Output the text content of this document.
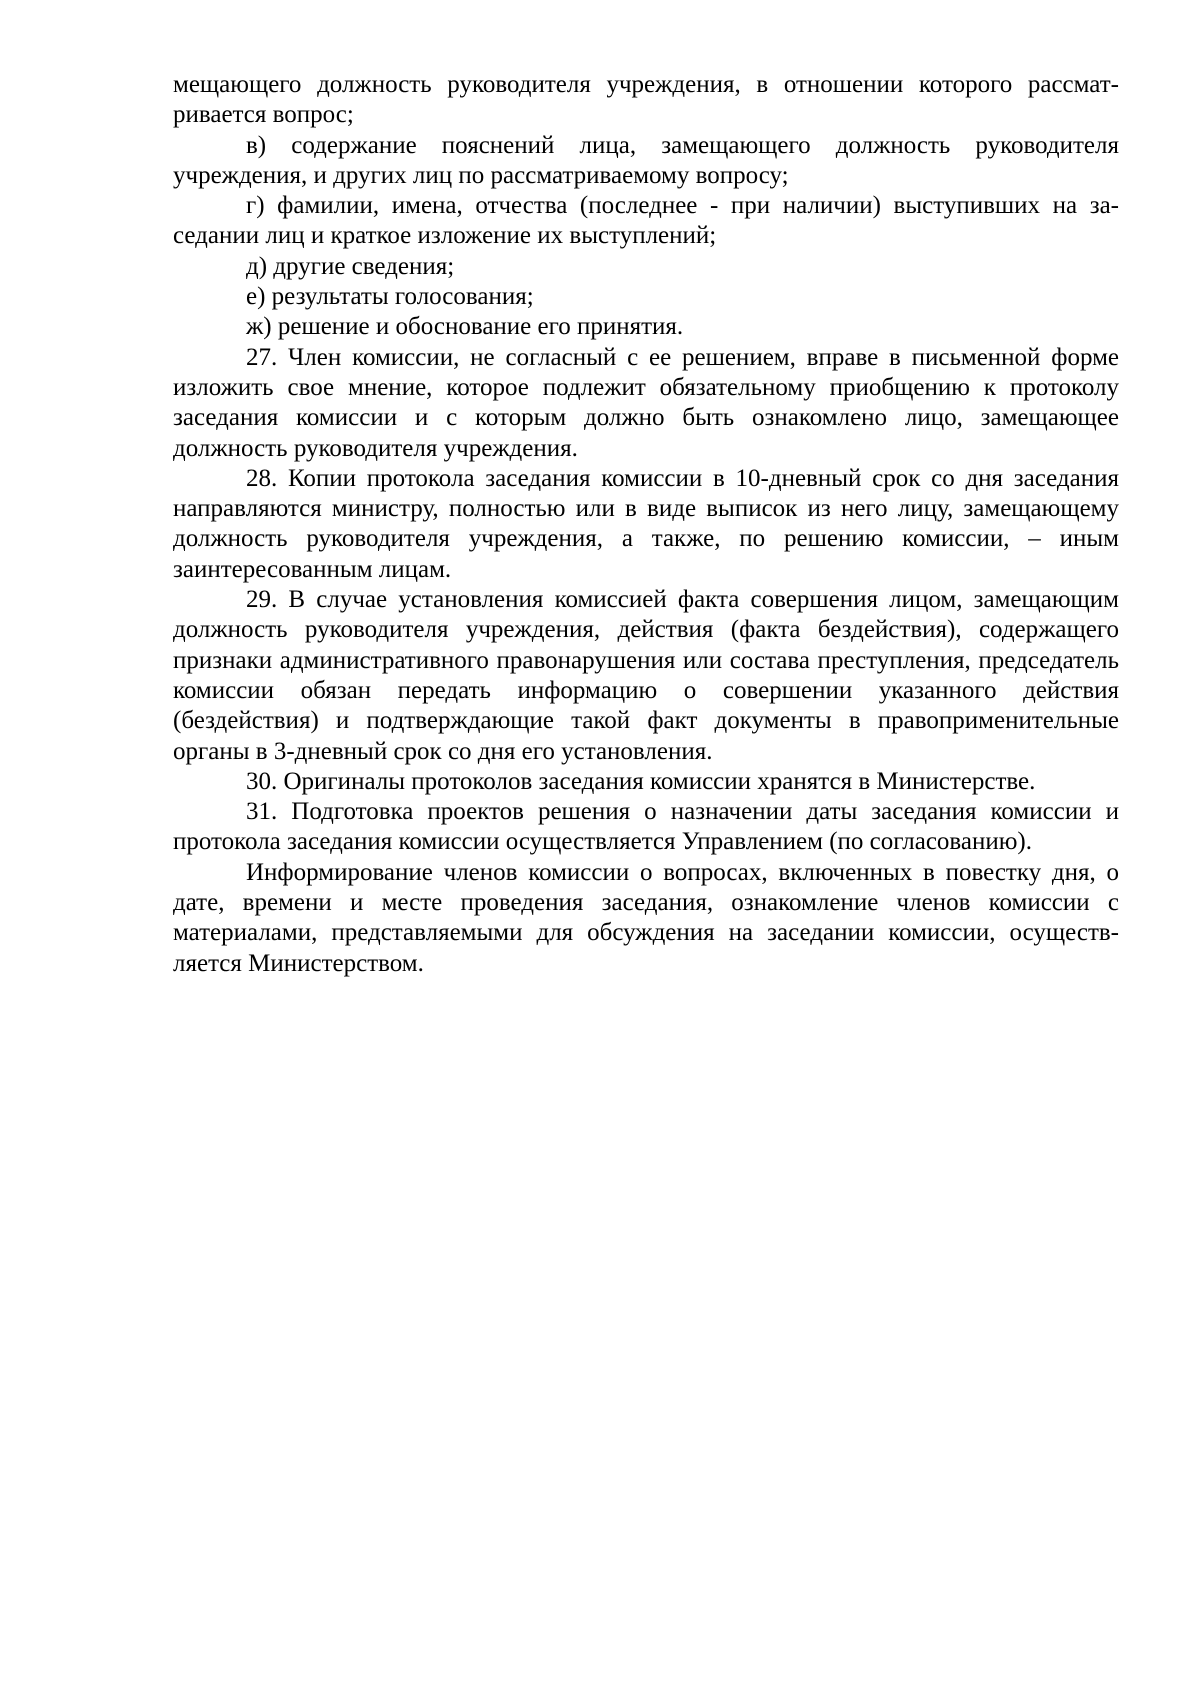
мещающего должность руководителя учреждения, в отношении которого рассматривается вопрос;

в) содержание пояснений лица, замещающего должность руководителя учреждения, и других лиц по рассматриваемому вопросу;

г) фамилии, имена, отчества (последнее - при наличии) выступивших на заседании лиц и краткое изложение их выступлений;

д) другие сведения;

е) результаты голосования;

ж) решение и обоснование его принятия.

27. Член комиссии, не согласный с ее решением, вправе в письменной форме изложить свое мнение, которое подлежит обязательному приобщению к протоколу заседания комиссии и с которым должно быть ознакомлено лицо, замещающее должность руководителя учреждения.

28. Копии протокола заседания комиссии в 10-дневный срок со дня заседания направляются министру, полностью или в виде выписок из него лицу, замещающему должность руководителя учреждения, а также, по решению комиссии, – иным заинтересованным лицам.

29. В случае установления комиссией факта совершения лицом, замещающим должность руководителя учреждения, действия (факта бездействия), содержащего признаки административного правонарушения или состава преступления, председатель комиссии обязан передать информацию о совершении указанного действия (бездействия) и подтверждающие такой факт документы в правоприменительные органы в 3-дневный срок со дня его установления.

30. Оригиналы протоколов заседания комиссии хранятся в Министерстве.

31. Подготовка проектов решения о назначении даты заседания комиссии и протокола заседания комиссии осуществляется Управлением (по согласованию).

Информирование членов комиссии о вопросах, включенных в повестку дня, о дате, времени и месте проведения заседания, ознакомление членов комиссии с материалами, представляемыми для обсуждения на заседании комиссии, осуществляется Министерством.
